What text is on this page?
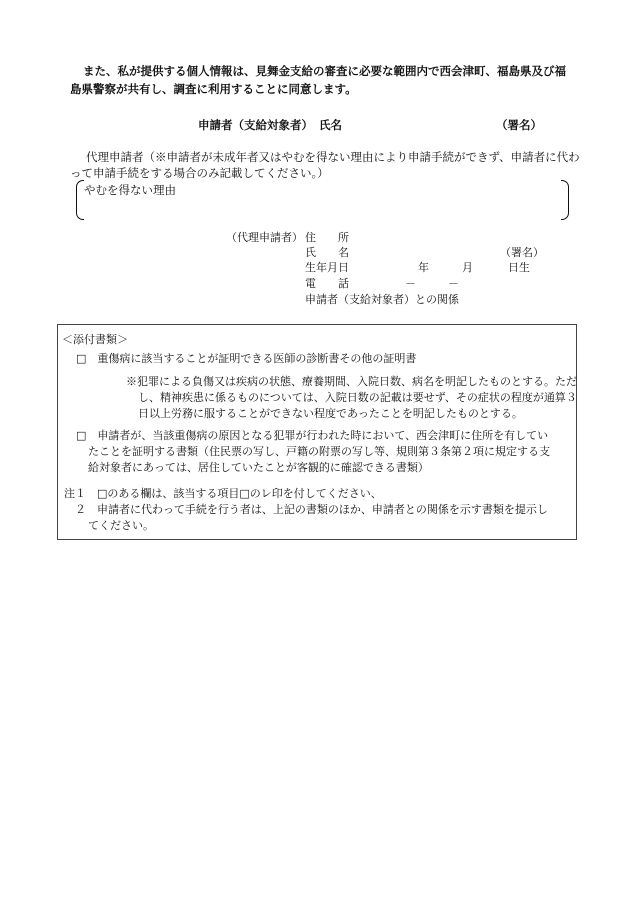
また、私が提供する個人情報は、見舞金支給の審査に必要な範囲内で西会津町、福島県及び福
島県警察が共有し、調査に利用することに同意します。
申請者（支給対象者） 氏名	（署名）
代理申請者（※申請者が未成年者又はやむを得ない理由により申請手続ができず、申請者に代わ
って申請手続をする場合のみ記載してください。）
やむを得ない理由
（代理申請者） 住　　所
氏　　名	（署名）
生年月日	年	月	日生
電　　話	－	－
申請者（支給対象者）との関係
＜添付書類＞
□　重傷病に該当することが証明できる医師の診断書その他の証明書
※犯罪による負傷又は疾病の状態、療養期間、入院日数、病名を明記したものとする。ただ
し、精神疾患に係るものについては、入院日数の記載は要せず、その症状の程度が通算３
日以上労務に服することができない程度であったことを明記したものとする。
□　申請者が、当該重傷病の原因となる犯罪が行われた時において、西会津町に住所を有してい
たことを証明する書類（住民票の写し、戸籍の附票の写し等、規則第３条第２項に規定する支
給対象者にあっては、居住していたことが客観的に確認できる書類）
注１　□のある欄は、該当する項目□のレ印を付してください、
　２　申請者に代わって手続を行う者は、上記の書類のほか、申請者との関係を示す書類を提示し
てください。
